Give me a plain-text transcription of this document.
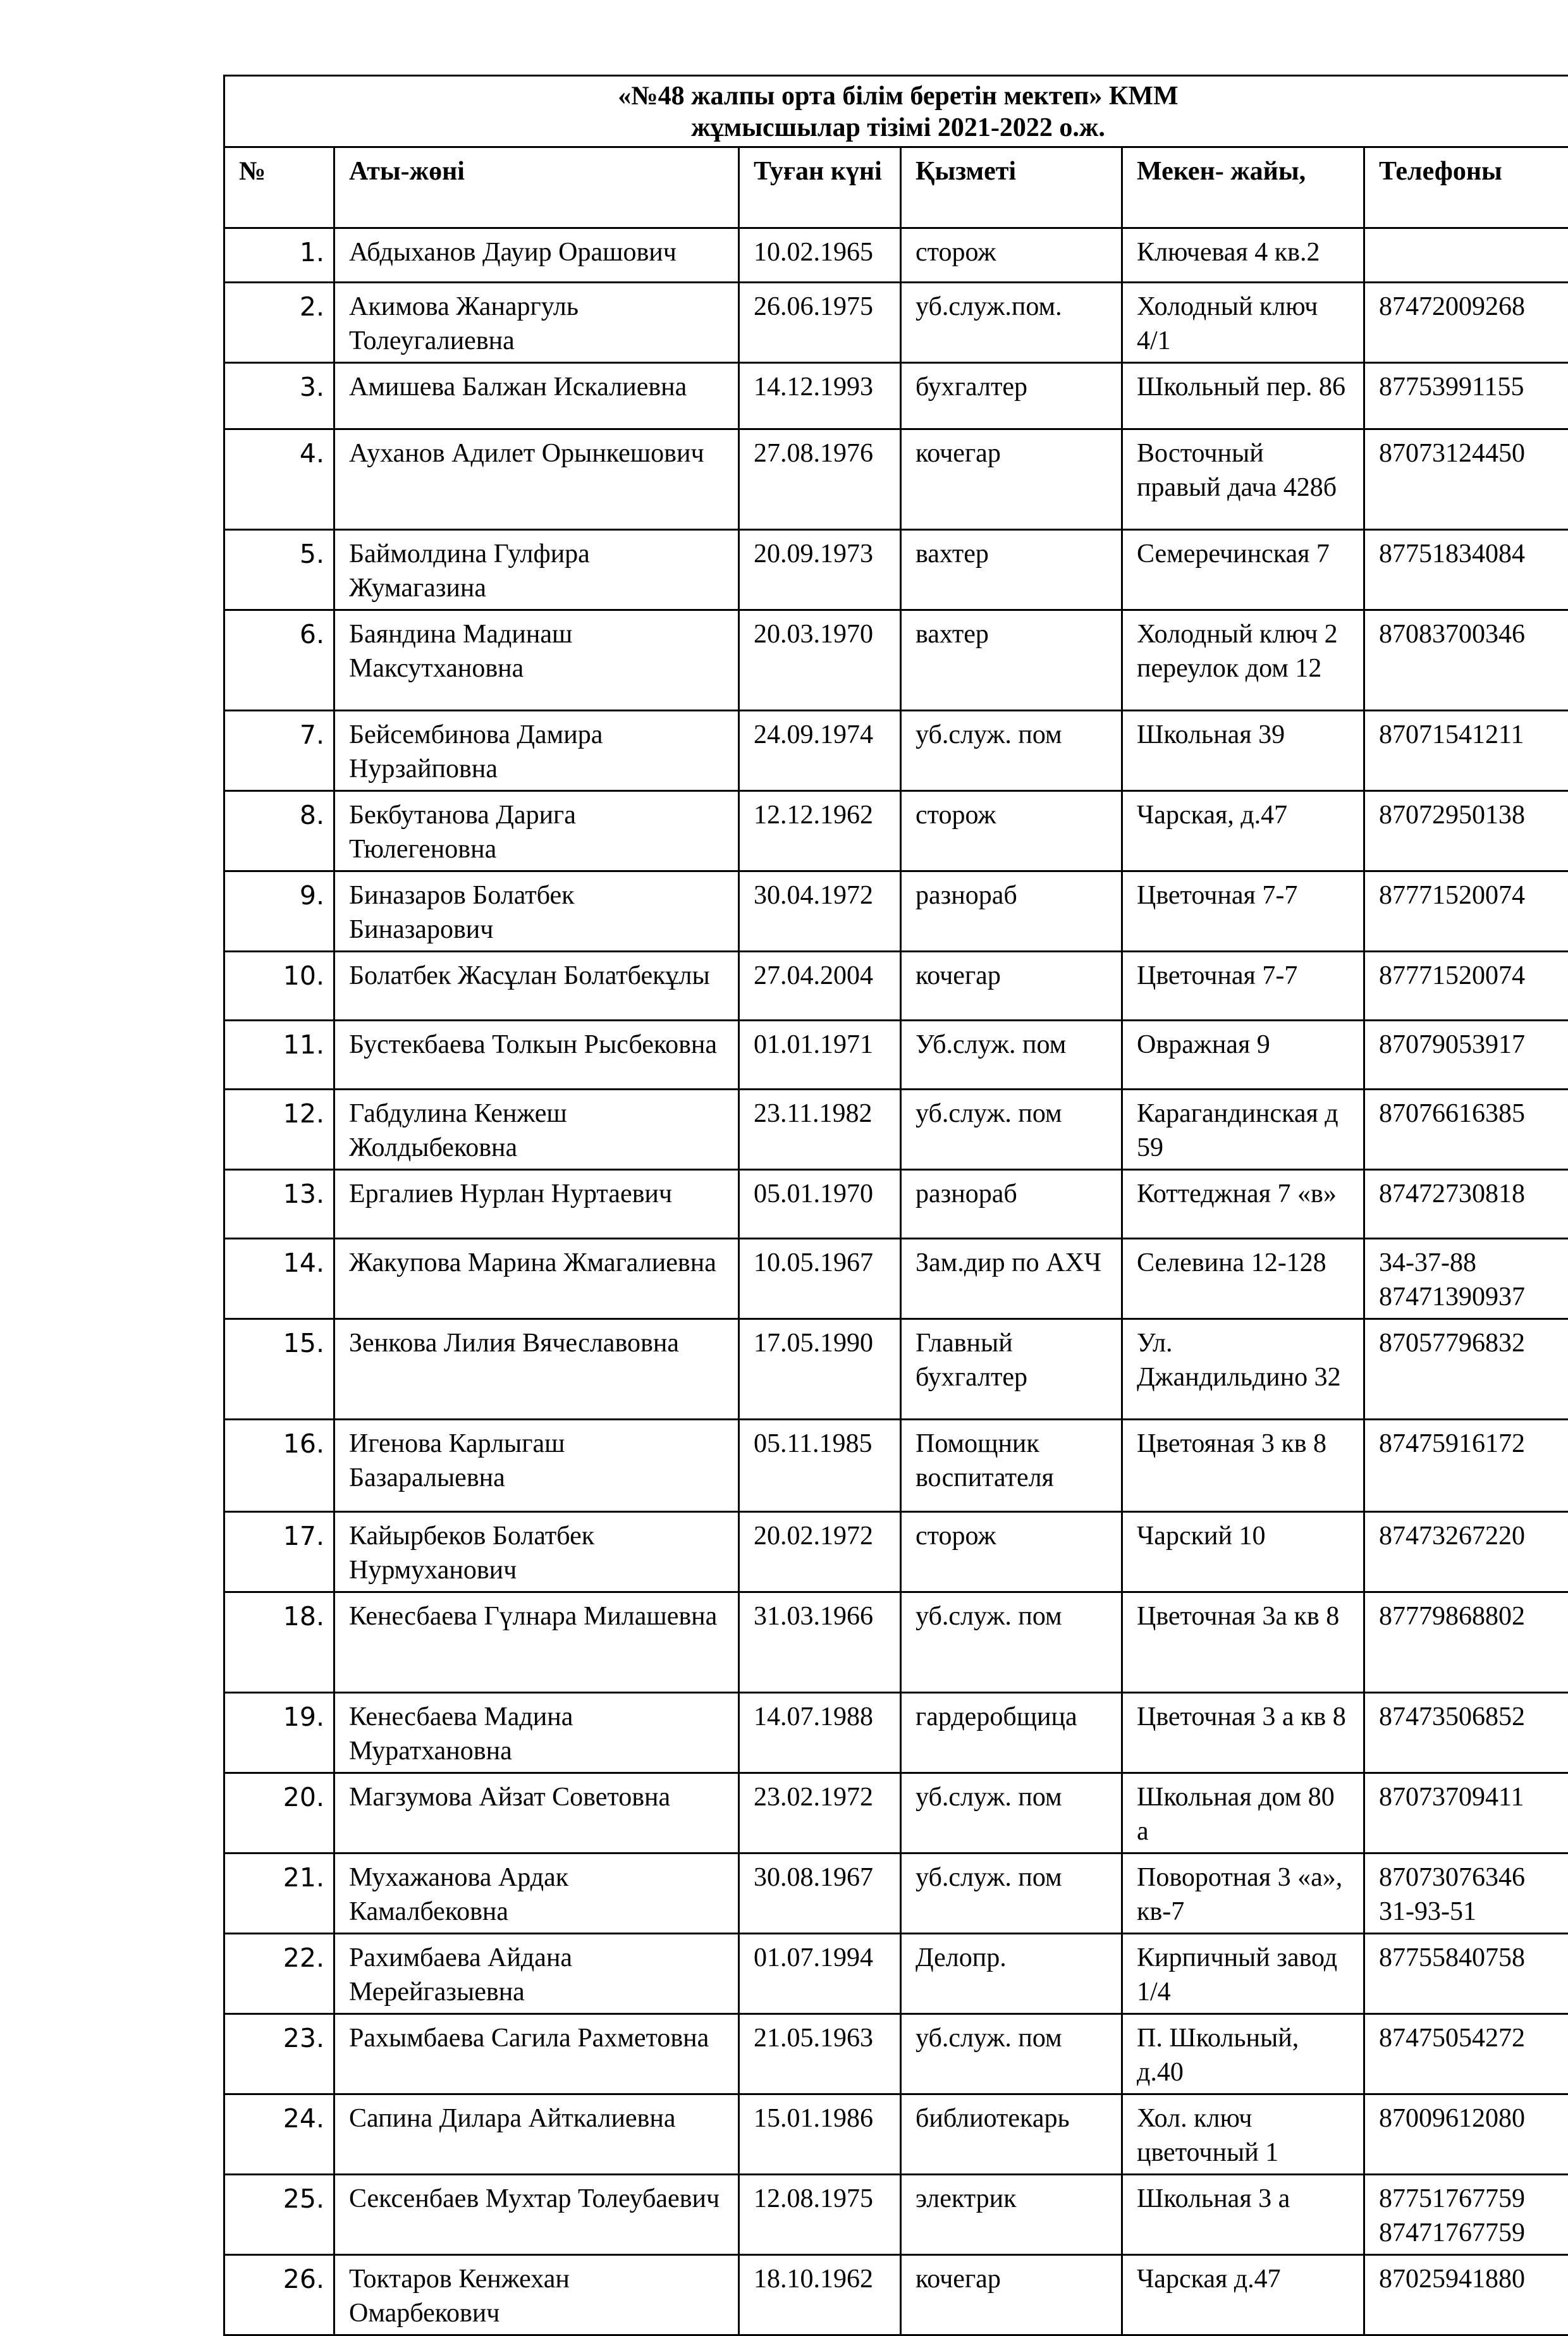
«№48 жалпы орта білім беретін мектеп» КММ
жұмысшылар тізімі 2021-2022 о.ж.					

№	Аты-жөні	Туған күні	Қызметі	Мекен- жайы,	Телефоны
1.	Абдыханов Дауир Орашович	10.02.1965	сторож	Ключевая 4 кв.2	
2.	Акимова Жанаргуль Толеугалиевна	26.06.1975	уб.служ.пом.	Холодный ключ 4/1	87472009268
3.	Амишева Балжан Искалиевна	14.12.1993	бухгалтер	Школьный пер. 86	87753991155
4.	Ауханов Адилет Орынкешович	27.08.1976	кочегар	Восточный правый дача 428б	87073124450
5.	Баймолдина Гулфира Жумагазина	20.09.1973	вахтер	Семеречинская 7	87751834084
6.	Баяндина Мадинаш Максутхановна	20.03.1970	вахтер	Холодный ключ 2 переулок дом 12	87083700346
7.	Бейсембинова Дамира Нурзайповна	24.09.1974	уб.служ. пом	Школьная 39	87071541211
8.	Бекбутанова Дарига Тюлегеновна	12.12.1962	сторож	Чарская, д.47	87072950138
9.	Биназаров Болатбек Биназарович	30.04.1972	разнораб	Цветочная 7-7	87771520074
10.	Болатбек Жасұлан Болатбекұлы	27.04.2004	кочегар	Цветочная 7-7	87771520074
11.	Бустекбаева Толкын Рысбековна	01.01.1971	Уб.служ. пом	Овражная 9	87079053917
12.	Габдулина Кенжеш Жолдыбековна	23.11.1982	уб.служ. пом	Карагандинская д 59	87076616385
13.	Ергалиев Нурлан Нуртаевич	05.01.1970	разнораб	Коттеджная 7 «в»	87472730818
14.	Жакупова Марина Жмагалиевна	10.05.1967	Зам.дир по АХЧ	Селевина 12-128	34-37-88 87471390937
15.	Зенкова Лилия Вячеславовна	17.05.1990	Главный бухгалтер	Ул. Джандильдино 32	87057796832
16.	Игенова Карлыгаш Базаралыевна	05.11.1985	Помощник воспитателя	Цветояная 3 кв 8	87475916172
17.	Кайырбеков Болатбек Нурмуханович	20.02.1972	сторож	Чарский 10	87473267220
18.	Кенесбаева Гүлнара Милашевна	31.03.1966	уб.служ. пом	Цветочная 3а кв 8	87779868802
19.	Кенесбаева Мадина Муратхановна	14.07.1988	гардеробщица	Цветочная 3 а кв 8	87473506852
20.	Магзумова Айзат Советовна	23.02.1972	уб.служ. пом	Школьная дом 80 а	87073709411
21.	Мухажанова Ардак Камалбековна	30.08.1967	уб.служ. пом	Поворотная 3 «а», кв-7	87073076346 31-93-51
22.	Рахимбаева Айдана Мерейгазыевна	01.07.1994	Делопр.	Кирпичный завод 1/4	87755840758
23.	Рахымбаева Сагила Рахметовна	21.05.1963	уб.служ. пом	П. Школьный, д.40	87475054272
24.	Сапина Дилара Айткалиевна	15.01.1986	библиотекарь	Хол. ключ цветочный 1	87009612080
25.	Сексенбаев Мухтар Толеубаевич	12.08.1975	электрик	Школьная 3 а	87751767759 87471767759
26.	Токтаров Кенжехан Омарбекович	18.10.1962	кочегар	Чарская д.47	87025941880
